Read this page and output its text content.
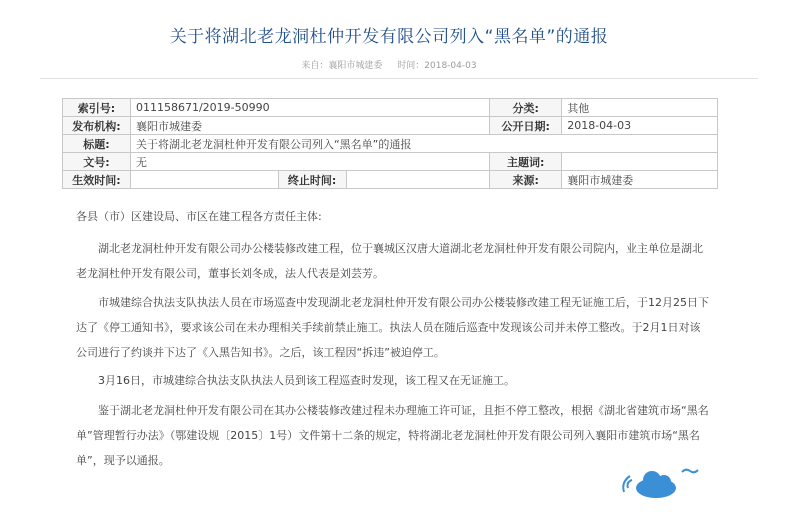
关于将湖北老龙洞杜仲开发有限公司列入“黑名单”的通报
来自：襄阳市城建委 时间：2018-04-03
索引号:	011158671/2019-50990			分类:	其他
发布机构:	襄阳市城建委			公开日期:	2018-04-03
标题:	关于将湖北老龙洞杜仲开发有限公司列入“黑名单”的通报				
文号:	无			主题词:	
生效时间:		终止时间:		来源:	襄阳市城建委
各县（市）区建设局、市区在建工程各方责任主体:
湖北老龙洞杜仲开发有限公司办公楼装修改建工程，位于襄城区汉唐大道湖北老龙洞杜仲开发有限公司院内，业主单位是湖北老龙洞杜仲开发有限公司，董事长刘冬成，法人代表是刘芸芳。
市城建综合执法支队执法人员在市场巡查中发现湖北老龙洞杜仲开发有限公司办公楼装修改建工程无证施工后，于12月25日下达了《停工通知书》，要求该公司在未办理相关手续前禁止施工。执法人员在随后巡查中发现该公司并未停工整改。于2月1日对该公司进行了约谈并下达了《入黑告知书》。之后，该工程因“拆违”被迫停工。
3月16日，市城建综合执法支队执法人员到该工程巡查时发现，该工程又在无证施工。
鉴于湖北老龙洞杜仲开发有限公司在其办公楼装修改建过程未办理施工许可证，且拒不停工整改，根据《湖北省建筑市场“黑名单”管理暂行办法》（鄂建设规〔2015〕1号）文件第十二条的规定，特将湖北老龙洞杜仲开发有限公司列入襄阳市建筑市场“黑名单”，现予以通报。
